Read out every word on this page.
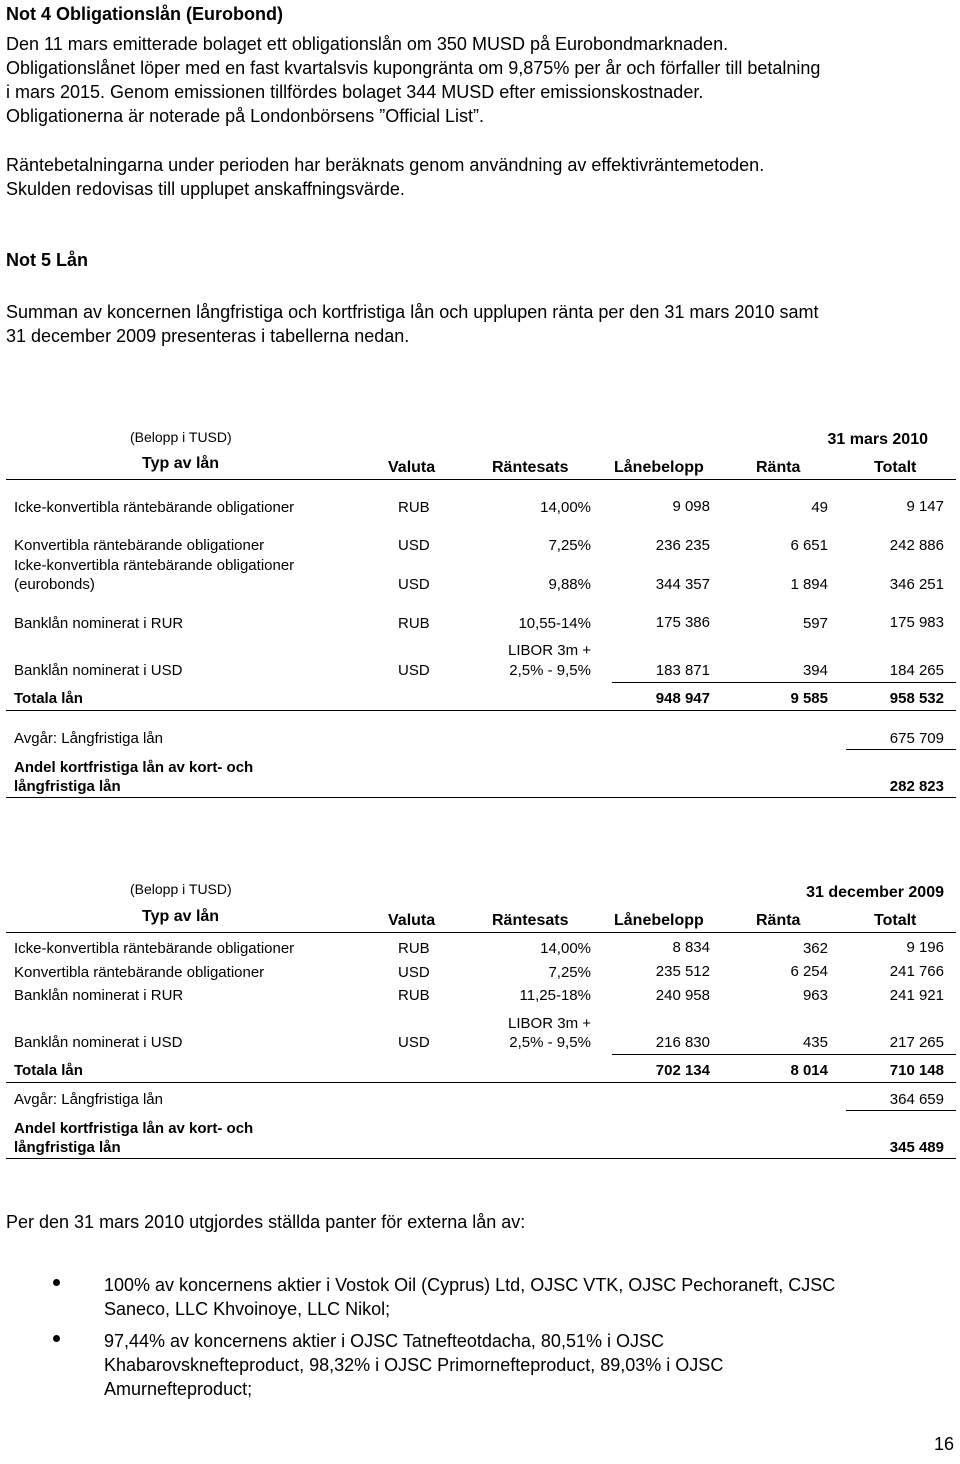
Not 4 Obligationslån (Eurobond)
Den 11 mars emitterade bolaget ett obligationslån om 350 MUSD på Eurobondmarknaden.
Obligationslånet löper med en fast kvartalsvis kupongränta om 9,875% per år och förfaller till betalning
i mars 2015. Genom emissionen tillfördes bolaget 344 MUSD efter emissionskostnader.
Obligationerna är noterade på Londonbörsens ”Official List”.
Räntebetalningarna under perioden har beräknats genom användning av effektivräntemetoden.
Skulden redovisas till upplupet anskaffningsvärde.
Not 5 Lån
Summan av koncernen långfristiga och kortfristiga lån och upplupen ränta per den 31 mars 2010 samt
31 december 2009 presenteras i tabellerna nedan.
(Belopp i TUSD)	31 mars 2010
Typ av lån	Valuta	Räntesats	Lånebelopp	Ränta	Totalt
Icke-konvertibla räntebärande obligationer	RUB	14,00%	9 098	49	9 147
Konvertibla räntebärande obligationer	USD	7,25%	236 235	6 651	242 886
Icke-konvertibla räntebärande obligationer
(eurobonds)	USD	9,88%	344 357	1 894	346 251
Banklån nominerat i RUR	RUB	10,55-14%	175 386	597	175 983
LIBOR 3m +
Banklån nominerat i USD	USD	2,5% - 9,5%	183 871	394	184 265
Totala lån	948 947	9 585	958 532
Avgår: Långfristiga lån	675 709
Andel kortfristiga lån av kort- och
långfristiga lån	282 823
(Belopp i TUSD)	31 december 2009
Typ av lån	Valuta	Räntesats	Lånebelopp	Ränta	Totalt
Icke-konvertibla räntebärande obligationer	RUB	14,00%	8 834	362	9 196
Konvertibla räntebärande obligationer	USD	7,25%	235 512	6 254	241 766
Banklån nominerat i RUR	RUB	11,25-18%	240 958	963	241 921
LIBOR 3m +
Banklån nominerat i USD	USD	2,5% - 9,5%	216 830	435	217 265
Totala lån	702 134	8 014	710 148
Avgår: Långfristiga lån	364 659
Andel kortfristiga lån av kort- och
långfristiga lån	345 489
Per den 31 mars 2010 utgjordes ställda panter för externa lån av:
100% av koncernens aktier i Vostok Oil (Cyprus) Ltd, OJSC VTK, OJSC Pechoraneft, CJSC
Saneco, LLC Khvoinoye, LLC Nikol;
97,44% av koncernens aktier i OJSC Tatnefteotdacha, 80,51% i OJSC
Khabarovsknefteproduct, 98,32% i OJSC Primornefteproduct, 89,03% i OJSC
Amurnefteproduct;
16
